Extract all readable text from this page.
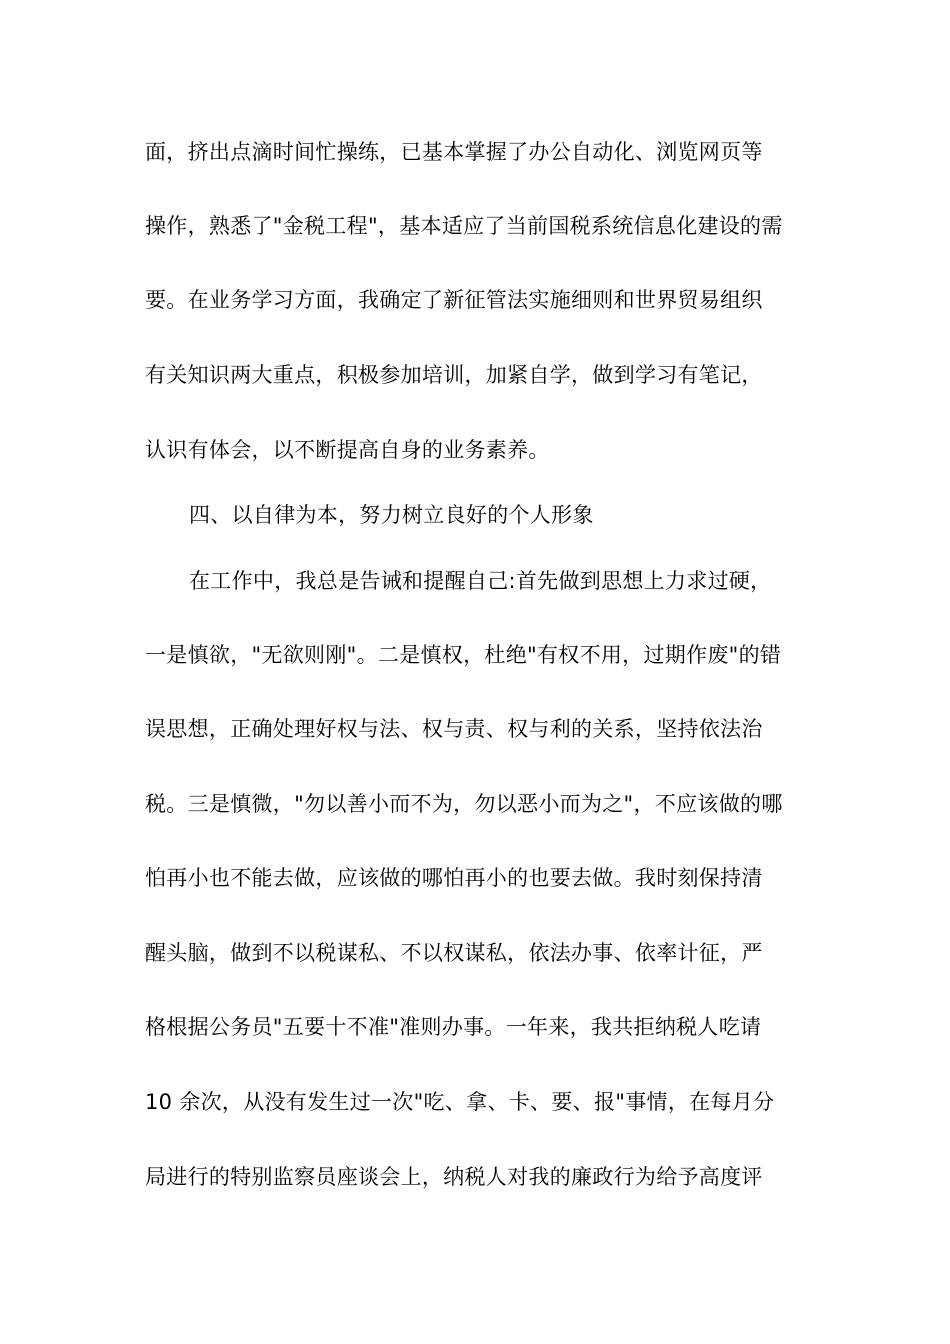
面，挤出点滴时间忙操练，已基本掌握了办公自动化、浏览网页等
操作，熟悉了"金税工程"，基本适应了当前国税系统信息化建设的需
要。在业务学习方面，我确定了新征管法实施细则和世界贸易组织
有关知识两大重点，积极参加培训，加紧自学，做到学习有笔记，
认识有体会，以不断提高自身的业务素养。
四、以自律为本，努力树立良好的个人形象
在工作中，我总是告诫和提醒自己:首先做到思想上力求过硬，
一是慎欲，"无欲则刚"。二是慎权，杜绝"有权不用，过期作废"的错
误思想，正确处理好权与法、权与责、权与利的关系，坚持依法治
税。三是慎微，"勿以善小而不为，勿以恶小而为之"，不应该做的哪
怕再小也不能去做，应该做的哪怕再小的也要去做。我时刻保持清
醒头脑，做到不以税谋私、不以权谋私，依法办事、依率计征，严
格根据公务员"五要十不准"准则办事。一年来，我共拒纳税人吃请
10 余次，从没有发生过一次"吃、拿、卡、要、报"事情，在每月分
局进行的特别监察员座谈会上，纳税人对我的廉政行为给予高度评
